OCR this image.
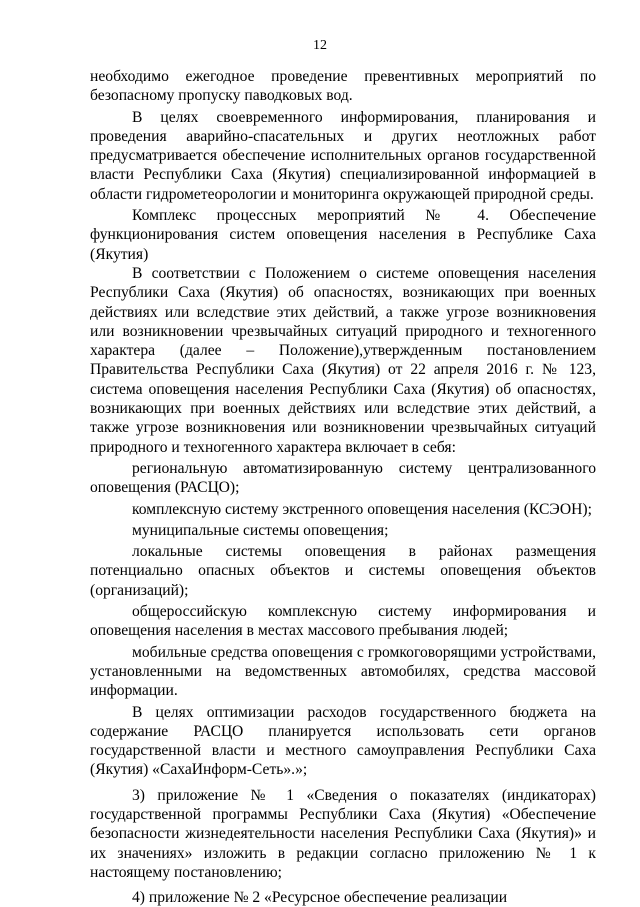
12

необходимо ежегодное проведение превентивных мероприятий по безопасному пропуску паводковых вод.

В целях своевременного информирования, планирования и проведения аварийно-спасательных и других неотложных работ предусматривается обеспечение исполнительных органов государственной власти Республики Саха (Якутия) специализированной информацией в области гидрометеорологии и мониторинга окружающей природной среды.

Комплекс процессных мероприятий № 4. Обеспечение функционирования систем оповещения населения в Республике Саха (Якутия)

В соответствии с Положением о системе оповещения населения Республики Саха (Якутия) об опасностях, возникающих при военных действиях или вследствие этих действий, а также угрозе возникновения или возникновении чрезвычайных ситуаций природного и техногенного характера (далее – Положение),утвержденным постановлением Правительства Республики Саха (Якутия) от 22 апреля 2016 г. № 123, система оповещения населения Республики Саха (Якутия) об опасностях, возникающих при военных действиях или вследствие этих действий, а также угрозе возникновения или возникновении чрезвычайных ситуаций природного и техногенного характера включает в себя:

региональную автоматизированную систему централизованного оповещения (РАСЦО);

комплексную систему экстренного оповещения населения (КСЭОН);

муниципальные системы оповещения;

локальные системы оповещения в районах размещения потенциально опасных объектов и системы оповещения объектов (организаций);

общероссийскую комплексную систему информирования и оповещения населения в местах массового пребывания людей;

мобильные средства оповещения с громкоговорящими устройствами, установленными на ведомственных автомобилях, средства массовой информации.

В целях оптимизации расходов государственного бюджета на содержание РАСЦО планируется использовать сети органов государственной власти и местного самоуправления Республики Саха (Якутия) «СахаИнформ-Сеть».»;

3) приложение № 1 «Сведения о показателях (индикаторах) государственной программы Республики Саха (Якутия) «Обеспечение безопасности жизнедеятельности населения Республики Саха (Якутия)» и их значениях» изложить в редакции согласно приложению № 1 к настоящему постановлению;

4) приложение № 2 «Ресурсное обеспечение реализации
